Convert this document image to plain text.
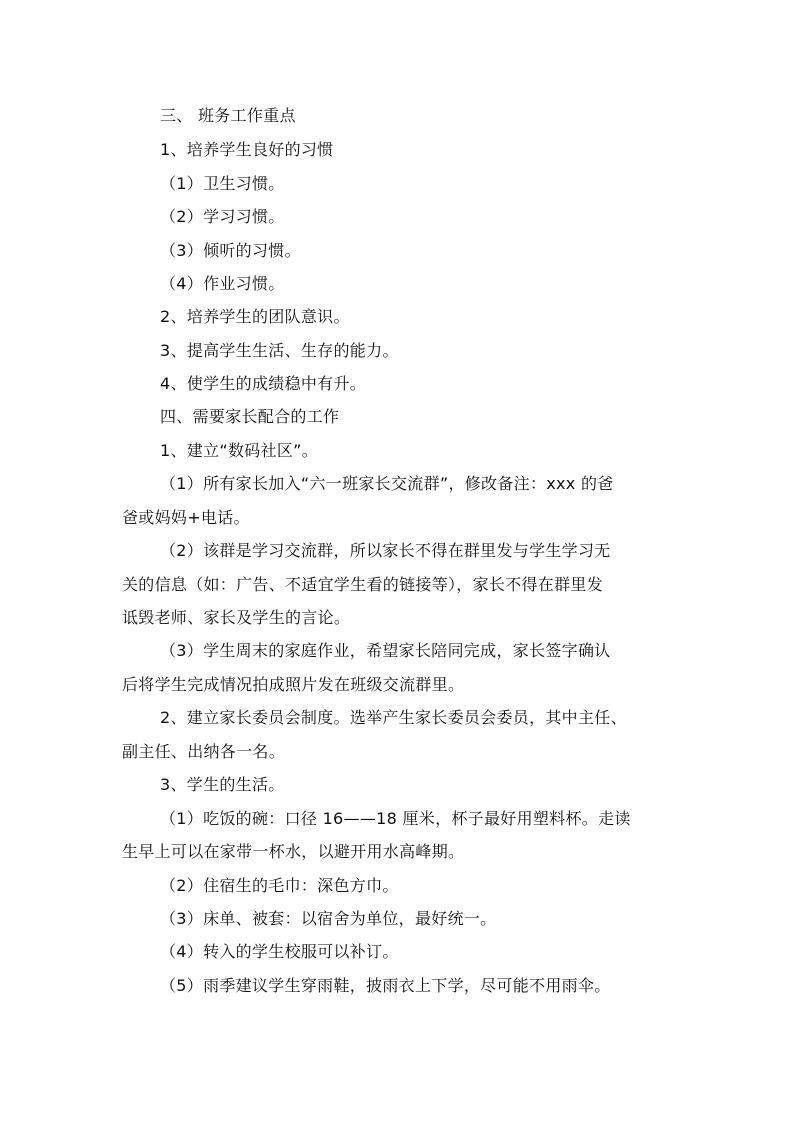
三、 班务工作重点
1、培养学生良好的习惯
（1）卫生习惯。
（2）学习习惯。
（3）倾听的习惯。
（4）作业习惯。
2、培养学生的团队意识。
3、提高学生生活、生存的能力。
4、使学生的成绩稳中有升。
四、需要家长配合的工作
1、建立“数码社区”。
（1）所有家长加入“六一班家长交流群”，修改备注：xxx 的爸
爸或妈妈+电话。
（2）该群是学习交流群，所以家长不得在群里发与学生学习无
关的信息（如：广告、不适宜学生看的链接等），家长不得在群里发
诋毁老师、家长及学生的言论。
（3）学生周末的家庭作业，希望家长陪同完成，家长签字确认
后将学生完成情况拍成照片发在班级交流群里。
2、建立家长委员会制度。选举产生家长委员会委员，其中主任、
副主任、出纳各一名。
3、学生的生活。
（1）吃饭的碗：口径 16——18 厘米，杯子最好用塑料杯。走读
生早上可以在家带一杯水，以避开用水高峰期。
（2）住宿生的毛巾：深色方巾。
（3）床单、被套：以宿舍为单位，最好统一。
（4）转入的学生校服可以补订。
（5）雨季建议学生穿雨鞋，披雨衣上下学，尽可能不用雨伞。
